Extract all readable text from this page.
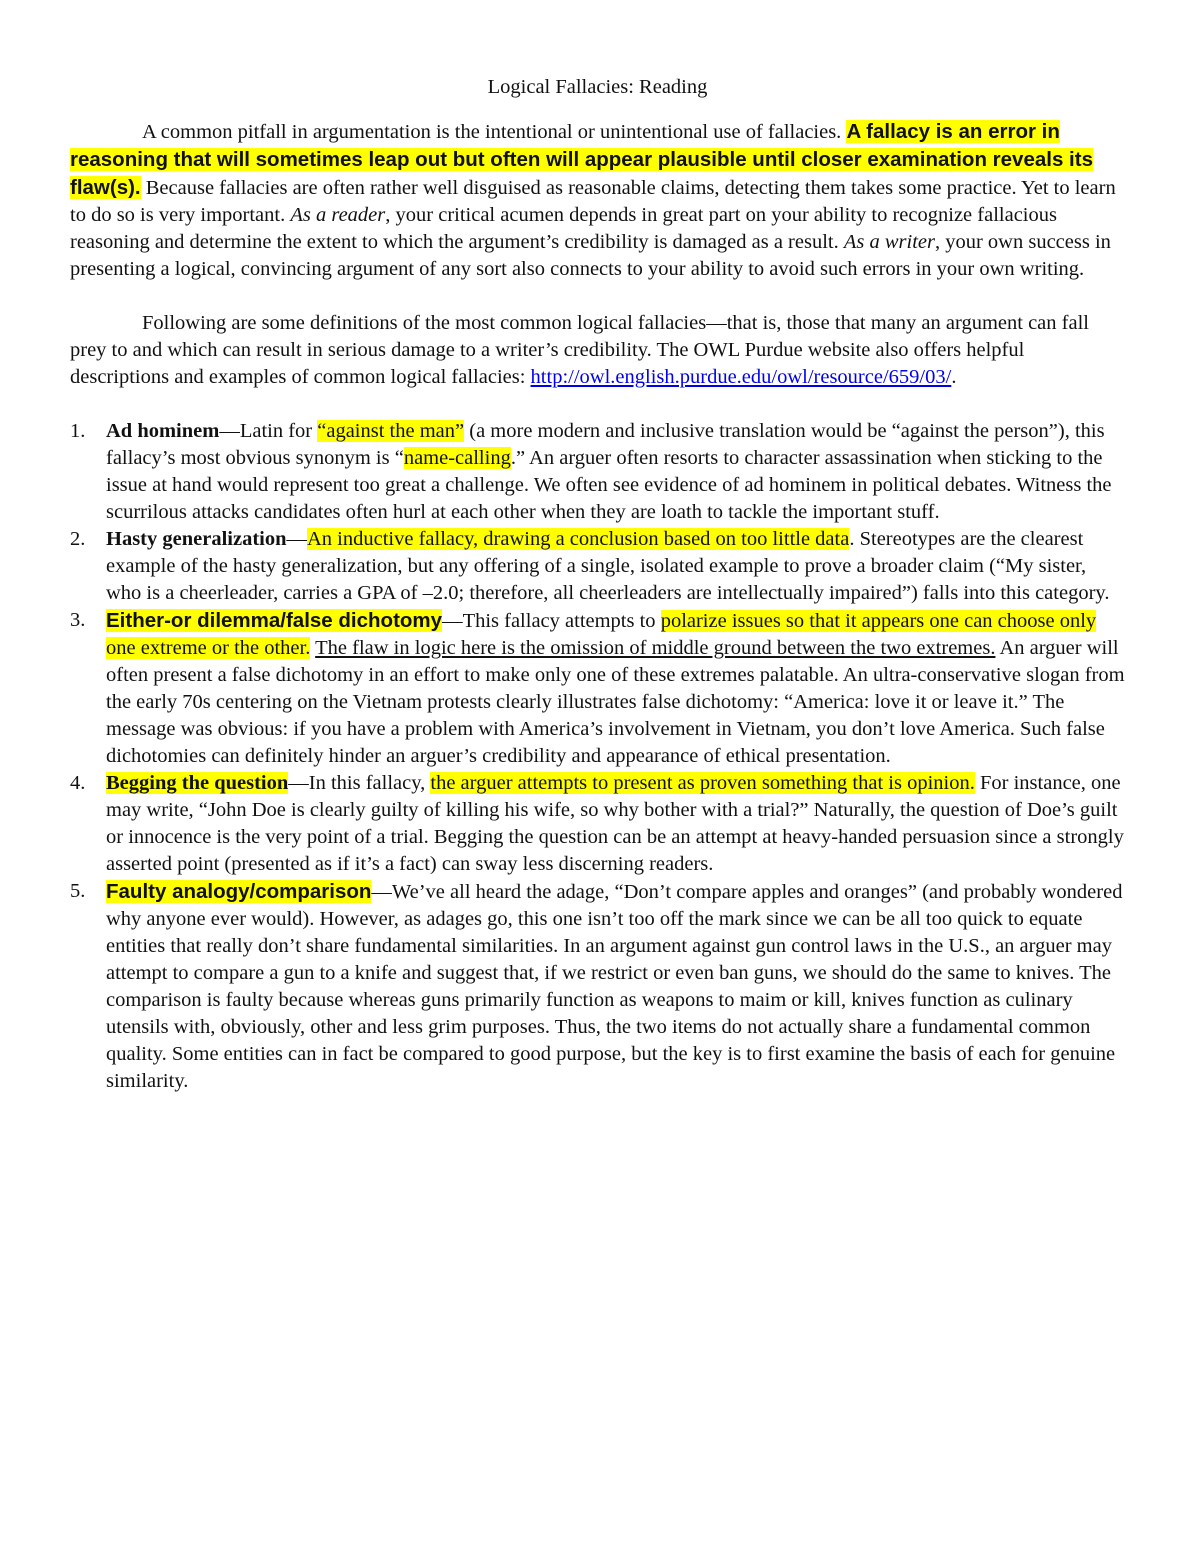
Logical Fallacies: Reading

A common pitfall in argumentation is the intentional or unintentional use of fallacies. A fallacy is an error in reasoning that will sometimes leap out but often will appear plausible until closer examination reveals its flaw(s). Because fallacies are often rather well disguised as reasonable claims, detecting them takes some practice. Yet to learn to do so is very important. As a reader, your critical acumen depends in great part on your ability to recognize fallacious reasoning and determine the extent to which the argument’s credibility is damaged as a result. As a writer, your own success in presenting a logical, convincing argument of any sort also connects to your ability to avoid such errors in your own writing.

Following are some definitions of the most common logical fallacies—that is, those that many an argument can fall prey to and which can result in serious damage to a writer’s credibility. The OWL Purdue website also offers helpful descriptions and examples of common logical fallacies: http://owl.english.purdue.edu/owl/resource/659/03/.

1. Ad hominem—Latin for “against the man” (a more modern and inclusive translation would be “against the person”), this fallacy’s most obvious synonym is “name-calling.” An arguer often resorts to character assassination when sticking to the issue at hand would represent too great a challenge. We often see evidence of ad hominem in political debates. Witness the scurrilous attacks candidates often hurl at each other when they are loath to tackle the important stuff.
2. Hasty generalization—An inductive fallacy, drawing a conclusion based on too little data. Stereotypes are the clearest example of the hasty generalization, but any offering of a single, isolated example to prove a broader claim (“My sister, who is a cheerleader, carries a GPA of –2.0; therefore, all cheerleaders are intellectually impaired”) falls into this category.
3. Either-or dilemma/false dichotomy—This fallacy attempts to polarize issues so that it appears one can choose only one extreme or the other. The flaw in logic here is the omission of middle ground between the two extremes. An arguer will often present a false dichotomy in an effort to make only one of these extremes palatable. An ultra-conservative slogan from the early 70s centering on the Vietnam protests clearly illustrates false dichotomy: “America: love it or leave it.” The message was obvious: if you have a problem with America’s involvement in Vietnam, you don’t love America. Such false dichotomies can definitely hinder an arguer’s credibility and appearance of ethical presentation.
4. Begging the question—In this fallacy, the arguer attempts to present as proven something that is opinion. For instance, one may write, “John Doe is clearly guilty of killing his wife, so why bother with a trial?” Naturally, the question of Doe’s guilt or innocence is the very point of a trial. Begging the question can be an attempt at heavy-handed persuasion since a strongly asserted point (presented as if it’s a fact) can sway less discerning readers.
5. Faulty analogy/comparison—We’ve all heard the adage, “Don’t compare apples and oranges” (and probably wondered why anyone ever would). However, as adages go, this one isn’t too off the mark since we can be all too quick to equate entities that really don’t share fundamental similarities. In an argument against gun control laws in the U.S., an arguer may attempt to compare a gun to a knife and suggest that, if we restrict or even ban guns, we should do the same to knives. The comparison is faulty because whereas guns primarily function as weapons to maim or kill, knives function as culinary utensils with, obviously, other and less grim purposes. Thus, the two items do not actually share a fundamental common quality. Some entities can in fact be compared to good purpose, but the key is to first examine the basis of each for genuine similarity.
